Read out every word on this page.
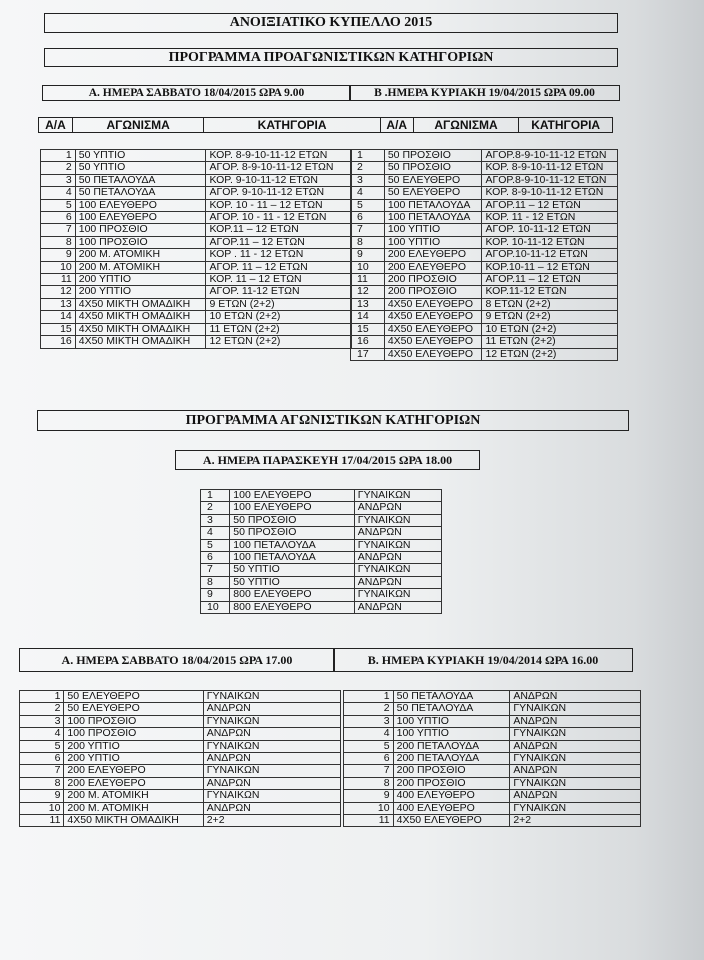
ΑΝΟΙΞΙΑΤΙΚΟ ΚΥΠΕΛΛΟ 2015
ΠΡΟΓΡΑΜΜΑ ΠΡΟΑΓΩΝΙΣΤΙΚΩΝ ΚΑΤΗΓΟΡΙΩΝ
Α. ΗΜΕΡΑ ΣΑΒΒΑΤΟ 18/04/2015 ΩΡΑ 9.00	Β .ΗΜΕΡΑ ΚΥΡΙΑΚΗ 19/04/2015 ΩΡΑ 09.00
Α/Α	ΑΓΩΝΙΣΜΑ	ΚΑΤΗΓΟΡΙΑ	Α/Α	ΑΓΩΝΙΣΜΑ	ΚΑΤΗΓΟΡΙΑ
1	50 ΥΠΤΙΟ	ΚΟΡ. 8-9-10-11-12 ΕΤΩΝ
2	50 ΥΠΤΙΟ	ΑΓΟΡ. 8-9-10-11-12 ΕΤΩΝ
3	50 ΠΕΤΑΛΟΥΔΑ	ΚΟΡ. 9-10-11-12 ΕΤΩΝ
4	50 ΠΕΤΑΛΟΥΔΑ	ΑΓΟΡ. 9-10-11-12 ΕΤΩΝ
5	100 ΕΛΕΥΘΕΡΟ	ΚΟΡ. 10 - 11 – 12 ΕΤΩΝ
6	100 ΕΛΕΥΘΕΡΟ	ΑΓΟΡ. 10 - 11 - 12 ΕΤΩΝ
7	100 ΠΡΟΣΘΙΟ	ΚΟΡ.11 – 12 ΕΤΩΝ
8	100 ΠΡΟΣΘΙΟ	ΑΓΟΡ.11 – 12 ΕΤΩΝ
9	200 Μ. ΑΤΟΜΙΚΗ	ΚΟΡ . 11 - 12 ΕΤΩΝ
10	200 Μ. ΑΤΟΜΙΚΗ	ΑΓΟΡ. 11 – 12 ΕΤΩΝ
11	200 ΥΠΤΙΟ	ΚΟΡ. 11 – 12 ΕΤΩΝ
12	200 ΥΠΤΙΟ	ΑΓΟΡ. 11-12 ΕΤΩΝ
13	4Χ50 ΜΙΚΤΗ ΟΜΑΔΙΚΗ	9 ΕΤΩΝ (2+2)
14	4Χ50 ΜΙΚΤΗ ΟΜΑΔΙΚΗ	10 ΕΤΩΝ (2+2)
15	4Χ50 ΜΙΚΤΗ ΟΜΑΔΙΚΗ	11 ΕΤΩΝ (2+2)
16	4Χ50 ΜΙΚΤΗ ΟΜΑΔΙΚΗ	12 ΕΤΩΝ (2+2)
1	50 ΠΡΟΣΘΙΟ	ΑΓΟΡ.8-9-10-11-12 ΕΤΩΝ
2	50 ΠΡΟΣΘΙΟ	ΚΟΡ. 8-9-10-11-12 ΕΤΩΝ
3	50 ΕΛΕΥΘΕΡΟ	ΑΓΟΡ.8-9-10-11-12 ΕΤΩΝ
4	50 ΕΛΕΥΘΕΡΟ	ΚΟΡ. 8-9-10-11-12 ΕΤΩΝ
5	100 ΠΕΤΑΛΟΥΔΑ	ΑΓΟΡ.11 – 12 ΕΤΩΝ
6	100 ΠΕΤΑΛΟΥΔΑ	ΚΟΡ. 11 - 12 ΕΤΩΝ
7	100 ΥΠΤΙΟ	ΑΓΟΡ. 10-11-12 ΕΤΩΝ
8	100 ΥΠΤΙΟ	ΚΟΡ. 10-11-12 ΕΤΩΝ
9	200 ΕΛΕΥΘΕΡΟ	ΑΓΟΡ.10-11-12 ΕΤΩΝ
10	200 ΕΛΕΥΘΕΡΟ	ΚΟΡ.10-11 – 12 ΕΤΩΝ
11	200 ΠΡΟΣΘΙΟ	ΑΓΟΡ.11 – 12 ΕΤΩΝ
12	200 ΠΡΟΣΘΙΟ	ΚΟΡ.11-12 ΕΤΩΝ
13	4Χ50 ΕΛΕΥΘΕΡΟ	8 ΕΤΩΝ (2+2)
14	4Χ50 ΕΛΕΥΘΕΡΟ	9 ΕΤΩΝ (2+2)
15	4Χ50 ΕΛΕΥΘΕΡΟ	10 ΕΤΩΝ (2+2)
16	4Χ50 ΕΛΕΥΘΕΡΟ	11 ΕΤΩΝ (2+2)
17	4Χ50 ΕΛΕΥΘΕΡΟ	12 ΕΤΩΝ (2+2)
ΠΡΟΓΡΑΜΜΑ ΑΓΩΝΙΣΤΙΚΩΝ ΚΑΤΗΓΟΡΙΩΝ
Α. ΗΜΕΡΑ ΠΑΡΑΣΚΕΥΗ 17/04/2015 ΩΡΑ 18.00
1	100 ΕΛΕΥΘΕΡΟ	ΓΥΝΑΙΚΩΝ
2	100 ΕΛΕΥΘΕΡΟ	ΑΝΔΡΩΝ
3	50 ΠΡΟΣΘΙΟ	ΓΥΝΑΙΚΩΝ
4	50 ΠΡΟΣΘΙΟ	ΑΝΔΡΩΝ
5	100 ΠΕΤΑΛΟΥΔΑ	ΓΥΝΑΙΚΩΝ
6	100 ΠΕΤΑΛΟΥΔΑ	ΑΝΔΡΩΝ
7	50 ΥΠΤΙΟ	ΓΥΝΑΙΚΩΝ
8	50 ΥΠΤΙΟ	ΑΝΔΡΩΝ
9	800 ΕΛΕΥΘΕΡΟ	ΓΥΝΑΙΚΩΝ
10	800 ΕΛΕΥΘΕΡΟ	ΑΝΔΡΩΝ
Α. ΗΜΕΡΑ ΣΑΒΒΑΤΟ 18/04/2015 ΩΡΑ 17.00	Β. ΗΜΕΡΑ ΚΥΡΙΑΚΗ 19/04/2014 ΩΡΑ 16.00
1	50 ΕΛΕΥΘΕΡΟ	ΓΥΝΑΙΚΩΝ
2	50 ΕΛΕΥΘΕΡΟ	ΑΝΔΡΩΝ
3	100 ΠΡΟΣΘΙΟ	ΓΥΝΑΙΚΩΝ
4	100 ΠΡΟΣΘΙΟ	ΑΝΔΡΩΝ
5	200 ΥΠΤΙΟ	ΓΥΝΑΙΚΩΝ
6	200 ΥΠΤΙΟ	ΑΝΔΡΩΝ
7	200 ΕΛΕΥΘΕΡΟ	ΓΥΝΑΙΚΩΝ
8	200 ΕΛΕΥΘΕΡΟ	ΑΝΔΡΩΝ
9	200 Μ. ΑΤΟΜΙΚΗ	ΓΥΝΑΙΚΩΝ
10	200 Μ. ΑΤΟΜΙΚΗ	ΑΝΔΡΩΝ
11	4Χ50 ΜΙΚΤΗ ΟΜΑΔΙΚΗ	2+2
1	50 ΠΕΤΑΛΟΥΔΑ	ΑΝΔΡΩΝ
2	50 ΠΕΤΑΛΟΥΔΑ	ΓΥΝΑΙΚΩΝ
3	100 ΥΠΤΙΟ	ΑΝΔΡΩΝ
4	100 ΥΠΤΙΟ	ΓΥΝΑΙΚΩΝ
5	200 ΠΕΤΑΛΟΥΔΑ	ΑΝΔΡΩΝ
6	200 ΠΕΤΑΛΟΥΔΑ	ΓΥΝΑΙΚΩΝ
7	200 ΠΡΟΣΘΙΟ	ΑΝΔΡΩΝ
8	200 ΠΡΟΣΘΙΟ	ΓΥΝΑΙΚΩΝ
9	400 ΕΛΕΥΘΕΡΟ	ΑΝΔΡΩΝ
10	400 ΕΛΕΥΘΕΡΟ	ΓΥΝΑΙΚΩΝ
11	4Χ50 ΕΛΕΥΘΕΡΟ	2+2
